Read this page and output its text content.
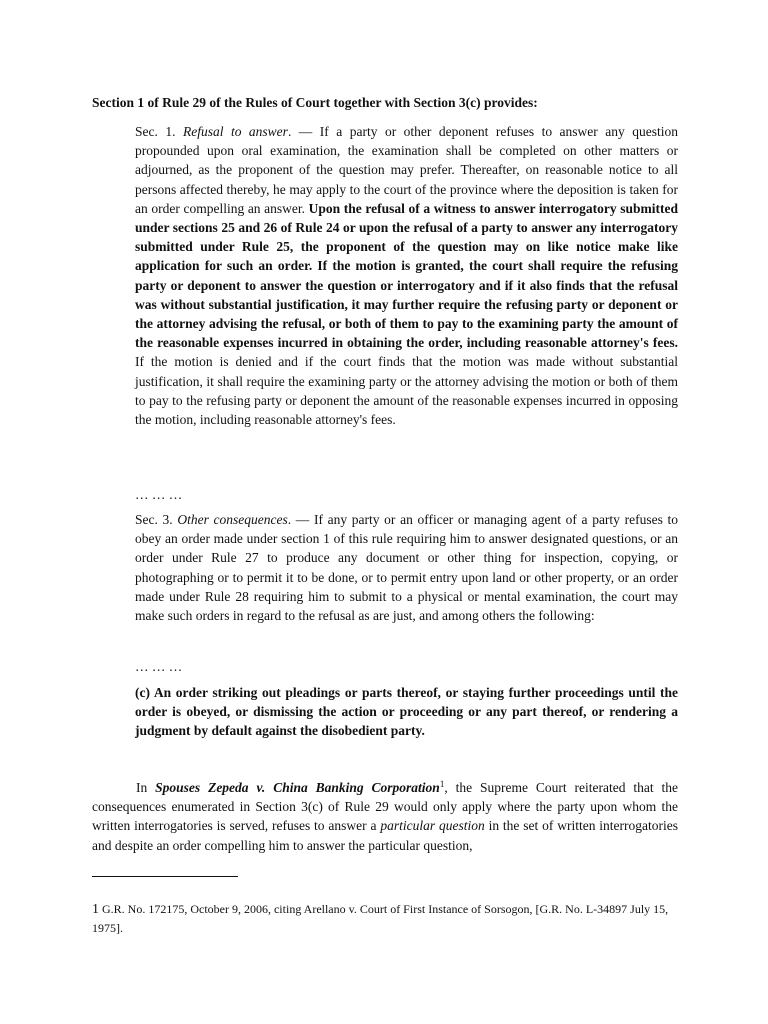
Section 1 of Rule 29 of the Rules of Court together with Section 3(c) provides:
Sec. 1. Refusal to answer. — If a party or other deponent refuses to answer any question propounded upon oral examination, the examination shall be completed on other matters or adjourned, as the proponent of the question may prefer. Thereafter, on reasonable notice to all persons affected thereby, he may apply to the court of the province where the deposition is taken for an order compelling an answer. Upon the refusal of a witness to answer interrogatory submitted under sections 25 and 26 of Rule 24 or upon the refusal of a party to answer any interrogatory submitted under Rule 25, the proponent of the question may on like notice make like application for such an order. If the motion is granted, the court shall require the refusing party or deponent to answer the question or interrogatory and if it also finds that the refusal was without substantial justification, it may further require the refusing party or deponent or the attorney advising the refusal, or both of them to pay to the examining party the amount of the reasonable expenses incurred in obtaining the order, including reasonable attorney's fees. If the motion is denied and if the court finds that the motion was made without substantial justification, it shall require the examining party or the attorney advising the motion or both of them to pay to the refusing party or deponent the amount of the reasonable expenses incurred in opposing the motion, including reasonable attorney's fees.
… … …
Sec. 3. Other consequences. — If any party or an officer or managing agent of a party refuses to obey an order made under section 1 of this rule requiring him to answer designated questions, or an order under Rule 27 to produce any document or other thing for inspection, copying, or photographing or to permit it to be done, or to permit entry upon land or other property, or an order made under Rule 28 requiring him to submit to a physical or mental examination, the court may make such orders in regard to the refusal as are just, and among others the following:
… … …
(c) An order striking out pleadings or parts thereof, or staying further proceedings until the order is obeyed, or dismissing the action or proceeding or any part thereof, or rendering a judgment by default against the disobedient party.
In Spouses Zepeda v. China Banking Corporation$^1$, the Supreme Court reiterated that the consequences enumerated in Section 3(c) of Rule 29 would only apply where the party upon whom the written interrogatories is served, refuses to answer a particular question in the set of written interrogatories and despite an order compelling him to answer the particular question,
1 G.R. No. 172175, October 9, 2006, citing Arellano v. Court of First Instance of Sorsogon, [G.R. No. L-34897 July 15, 1975].
